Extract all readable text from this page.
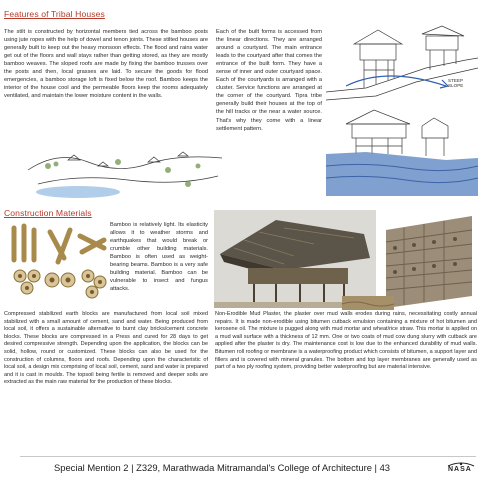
Features of Tribal Houses

The stilt is constructed by horizontal members tied across the bamboo posts using jute ropes with the help of dowel and tenon joints. These stilted houses are generally built to keep out the heavy monsoon effects. The flood and rains water get out of the floors and wall stays rather than getting stored, as they are mostly bamboo weaves. The sloped roofs are made by fixing the bamboo trusses over the posts and then, local grasses are laid. To secure the goods for flood emergencies, a bamboo storage loft is fixed below the roof. Bamboo keeps the interior of the house cool and the permeable floors keep the rooms adequately ventilated, and maintain the lower moisture content in the walls.

Each of the built forms is accessed from the linear directions. They are arranged around a courtyard. The main entrance leads to the courtyard after that comes the entrance of the built form. They have a sense of inner and outer courtyard space. Each of the courtyards is arranged with a cluster. Service functions are arranged at the corner of the courtyard. Tipra tribe generally build their houses at the top of the hill tracks or the near a water source. That's why they come with a linear settlement pattern.

STEEP SLOPE
Construction Materials

Bamboo is relatively light. Its elasticity allows it to weather storms and earthquakes that would break or crumble other building materials. Bamboo is often used as weight-bearing beams. Bamboo is a very safe building material. Bamboo can be vulnerable to insect and fungus attacks.

Compressed stabilized earth blocks are manufactured from local soil mixed stabilized with a small amount of cement, sand and water. Being produced from local soil, it offers a sustainable alternative to burnt clay bricks/cement concrete blocks. These blocks are compressed in a Press and cured for 28 days to get desired compressive strength. Depending upon the application, the blocks can be solid, hollow, round or customized. These blocks can also be used for the construction of columns, floors and roofs. Depending upon the characteristic of local soil, a design mix comprising of local soil, cement, sand and water is prepared and it is cast in moulds. The topsoil being fertile is removed and deeper soils are extracted as the main raw material for the production of these blocks.

Non-Erodible Mud Plaster, the plaster over mud walls erodes during rains, necessitating costly annual repairs. It is made non-erodible using bitumen cutback emulsion containing a mixture of hot bitumen and kerosene oil. The mixture is pugged along with mud mortar and wheat/rice straw. This mortar is applied on a mud wall surface with a thickness of 12 mm. One or two coats of mud cow dung slurry with cutback are applied after the plaster is dry. The maintenance cost is low due to the enhanced durability of mud walls. Bitumen roll roofing or membrane is a waterproofing product which consists of bitumen, a support layer and fillers and is covered with mineral granules. The bottom and top layer membranes are generally used as part of a two ply roofing system, providing better waterproofing but are material intensive.

Special Mention 2 | Z329, Marathwada Mitramandal's College of Architecture | 43	NASA
